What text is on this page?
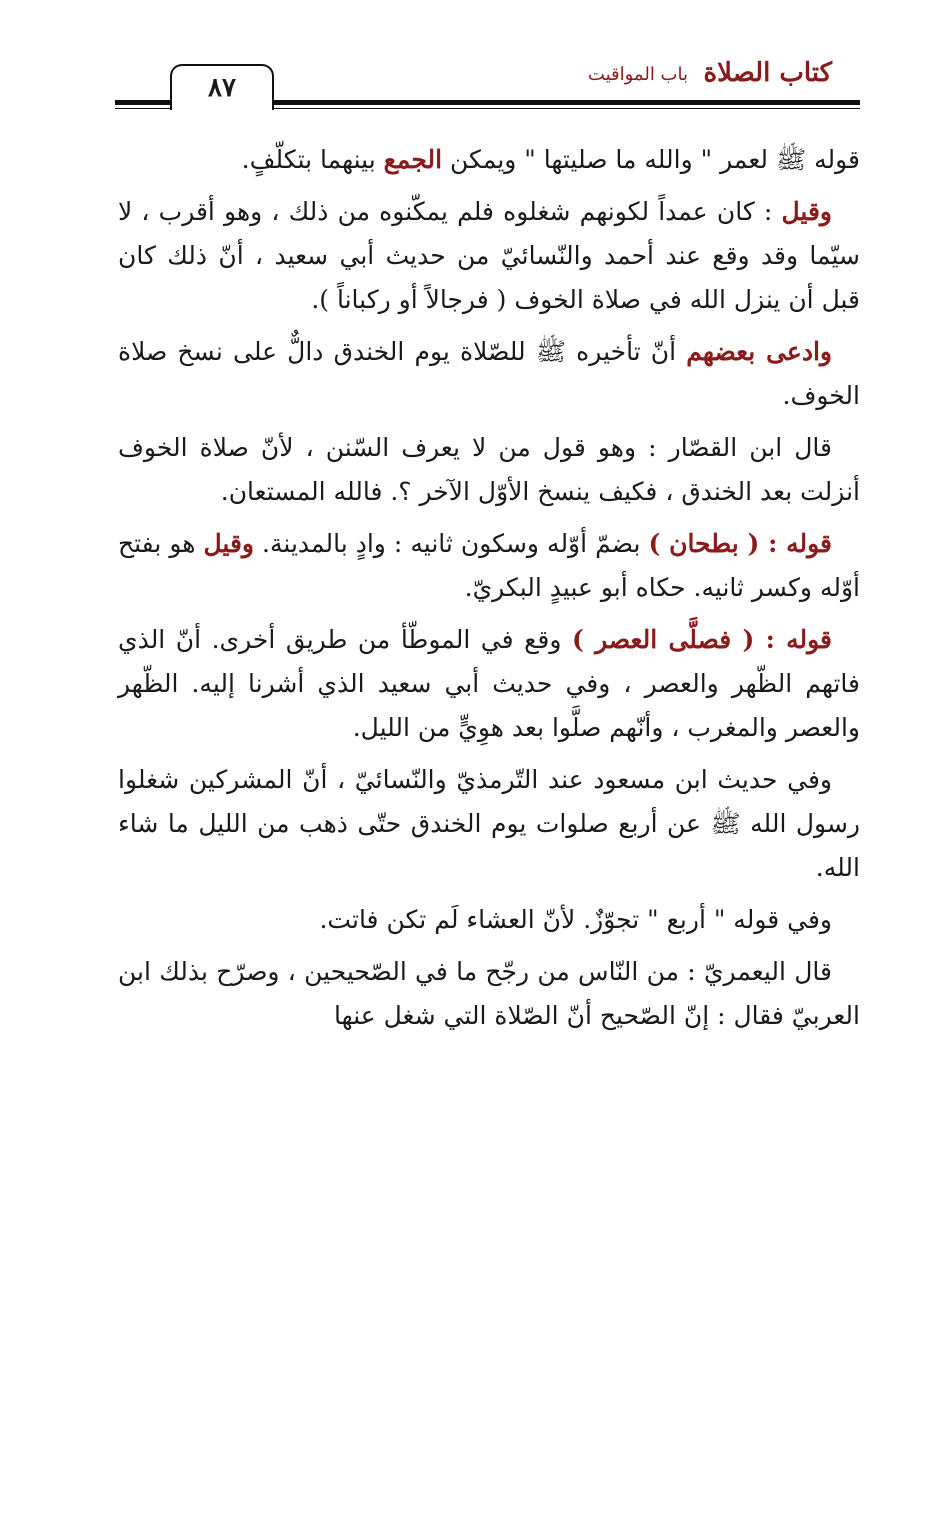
كتاب الصلاة
باب المواقيت
٨٧

قوله ﷺ لعمر " والله ما صليتها " ويمكن الجمع بينهما بتكلّفٍ.

وقيل : كان عمداً لكونهم شغلوه فلم يمكّنوه من ذلك ، وهو أقرب ، لا سيّما وقد وقع عند أحمد والنّسائيّ من حديث أبي سعيد ، أنّ ذلك كان قبل أن ينزل الله في صلاة الخوف ( فرجالاً أو ركباناً ).

وادعى بعضهم أنّ تأخيره ﷺ للصّلاة يوم الخندق دالٌّ على نسخ صلاة الخوف.

قال ابن القصّار : وهو قول من لا يعرف السّنن ، لأنّ صلاة الخوف أنزلت بعد الخندق ، فكيف ينسخ الأوّل الآخر ؟. فالله المستعان.

قوله : ( بطحان ) بضمّ أوّله وسكون ثانيه : وادٍ بالمدينة. وقيل هو بفتح أوّله وكسر ثانيه. حكاه أبو عبيدٍ البكريّ.

قوله : ( فصلَّى العصر ) وقع في الموطّأ من طريق أخرى. أنّ الذي فاتهم الظّهر والعصر ، وفي حديث أبي سعيد الذي أشرنا إليه. الظّهر والعصر والمغرب ، وأنّهم صلَّوا بعد هوِيٍّ من الليل.

وفي حديث ابن مسعود عند التّرمذيّ والنّسائيّ ، أنّ المشركين شغلوا رسول الله ﷺ عن أربع صلوات يوم الخندق حتّى ذهب من الليل ما شاء الله.

وفي قوله " أربع " تجوّزٌ. لأنّ العشاء لَم تكن فاتت.

قال اليعمريّ : من النّاس من رجّح ما في الصّحيحين ، وصرّح بذلك ابن العربيّ فقال : إنّ الصّحيح أنّ الصّلاة التي شغل عنها
